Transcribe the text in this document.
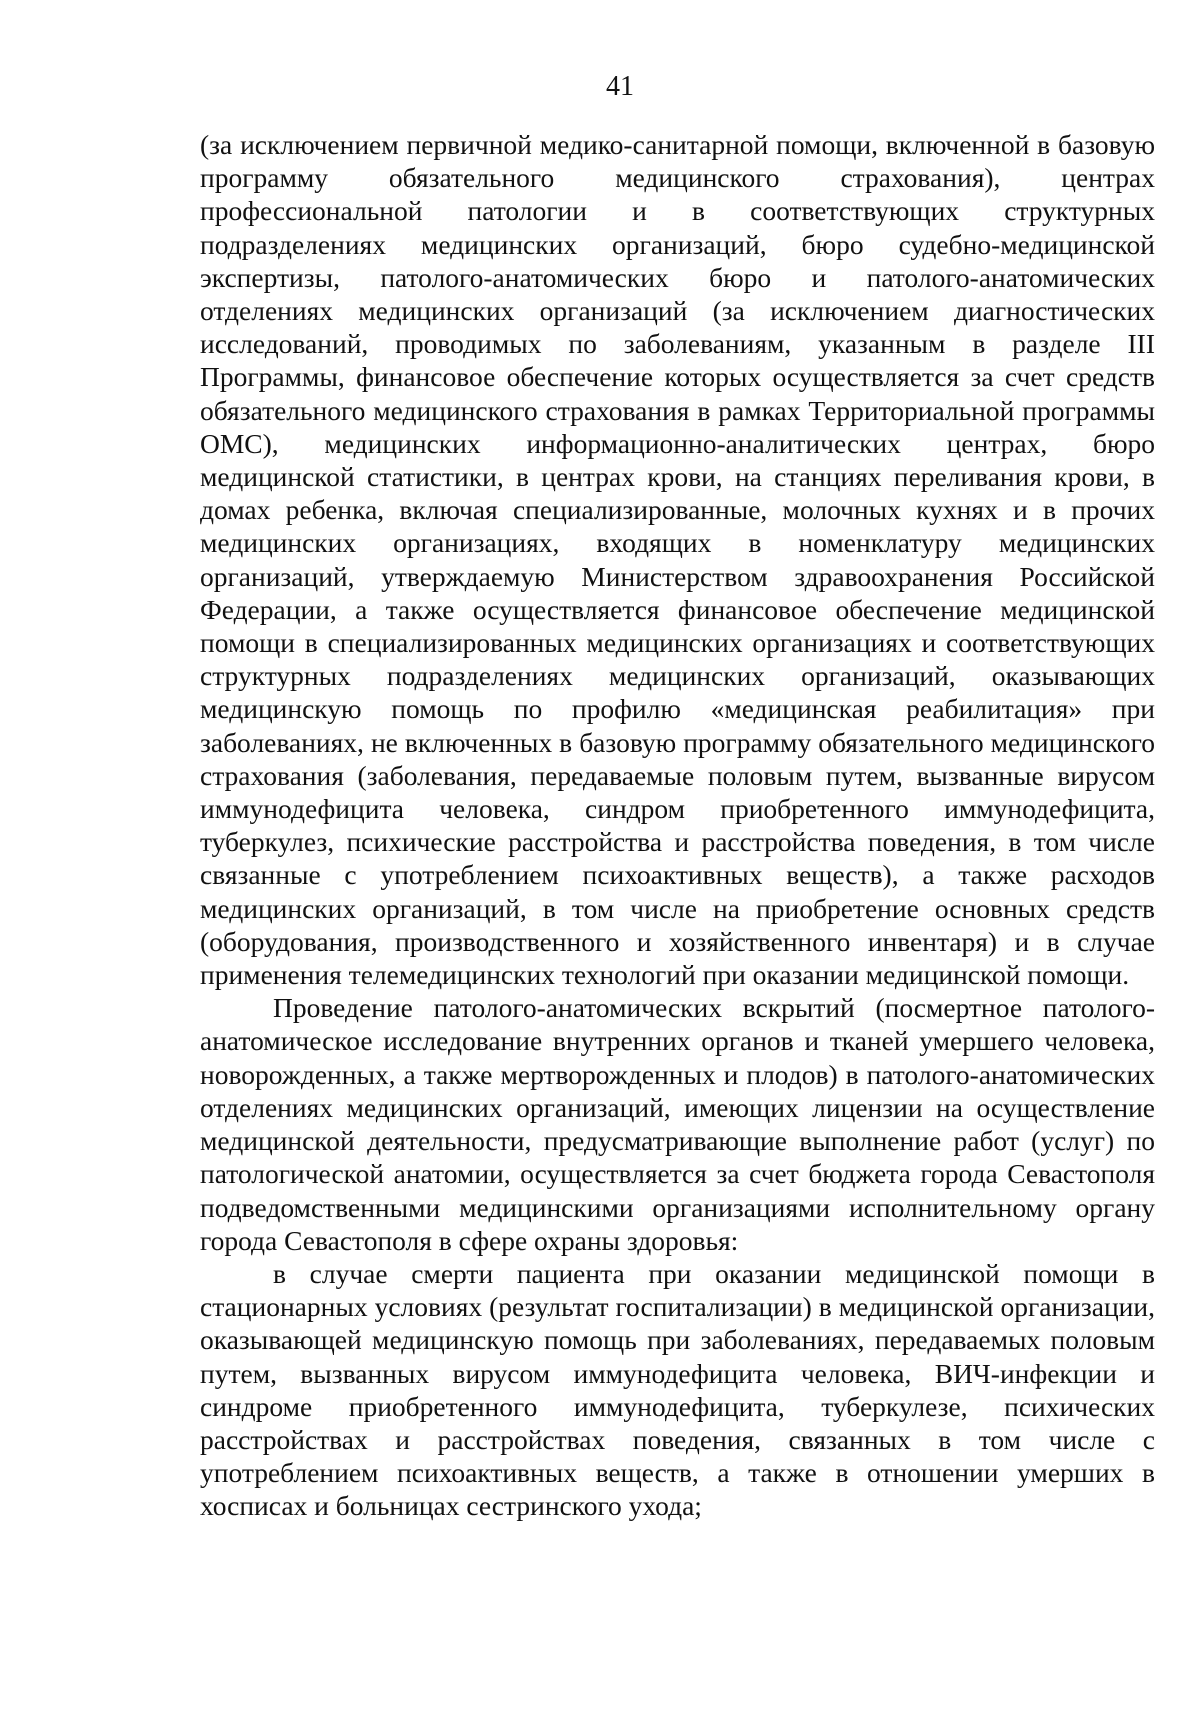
41

(за исключением первичной медико-санитарной помощи, включенной в базовую программу обязательного медицинского страхования), центрах профессиональной патологии и в соответствующих структурных подразделениях медицинских организаций, бюро судебно-медицинской экспертизы, патолого-анатомических бюро и патолого-анатомических отделениях медицинских организаций (за исключением диагностических исследований, проводимых по заболеваниям, указанным в разделе III Программы, финансовое обеспечение которых осуществляется за счет средств обязательного медицинского страхования в рамках Территориальной программы ОМС), медицинских информационно-аналитических центрах, бюро медицинской статистики, в центрах крови, на станциях переливания крови, в домах ребенка, включая специализированные, молочных кухнях и в прочих медицинских организациях, входящих в номенклатуру медицинских организаций, утверждаемую Министерством здравоохранения Российской Федерации, а также осуществляется финансовое обеспечение медицинской помощи в специализированных медицинских организациях и соответствующих структурных подразделениях медицинских организаций, оказывающих медицинскую помощь по профилю «медицинская реабилитация» при заболеваниях, не включенных в базовую программу обязательного медицинского страхования (заболевания, передаваемые половым путем, вызванные вирусом иммунодефицита человека, синдром приобретенного иммунодефицита, туберкулез, психические расстройства и расстройства поведения, в том числе связанные с употреблением психоактивных веществ), а также расходов медицинских организаций, в том числе на приобретение основных средств (оборудования, производственного и хозяйственного инвентаря) и в случае применения телемедицинских технологий при оказании медицинской помощи.

Проведение патолого-анатомических вскрытий (посмертное патолого-анатомическое исследование внутренних органов и тканей умершего человека, новорожденных, а также мертворожденных и плодов) в патолого-анатомических отделениях медицинских организаций, имеющих лицензии на осуществление медицинской деятельности, предусматривающие выполнение работ (услуг) по патологической анатомии, осуществляется за счет бюджета города Севастополя подведомственными медицинскими организациями исполнительному органу города Севастополя в сфере охраны здоровья:

в случае смерти пациента при оказании медицинской помощи в стационарных условиях (результат госпитализации) в медицинской организации, оказывающей медицинскую помощь при заболеваниях, передаваемых половым путем, вызванных вирусом иммунодефицита человека, ВИЧ-инфекции и синдроме приобретенного иммунодефицита, туберкулезе, психических расстройствах и расстройствах поведения, связанных в том числе с употреблением психоактивных веществ, а также в отношении умерших в хосписах и больницах сестринского ухода;
